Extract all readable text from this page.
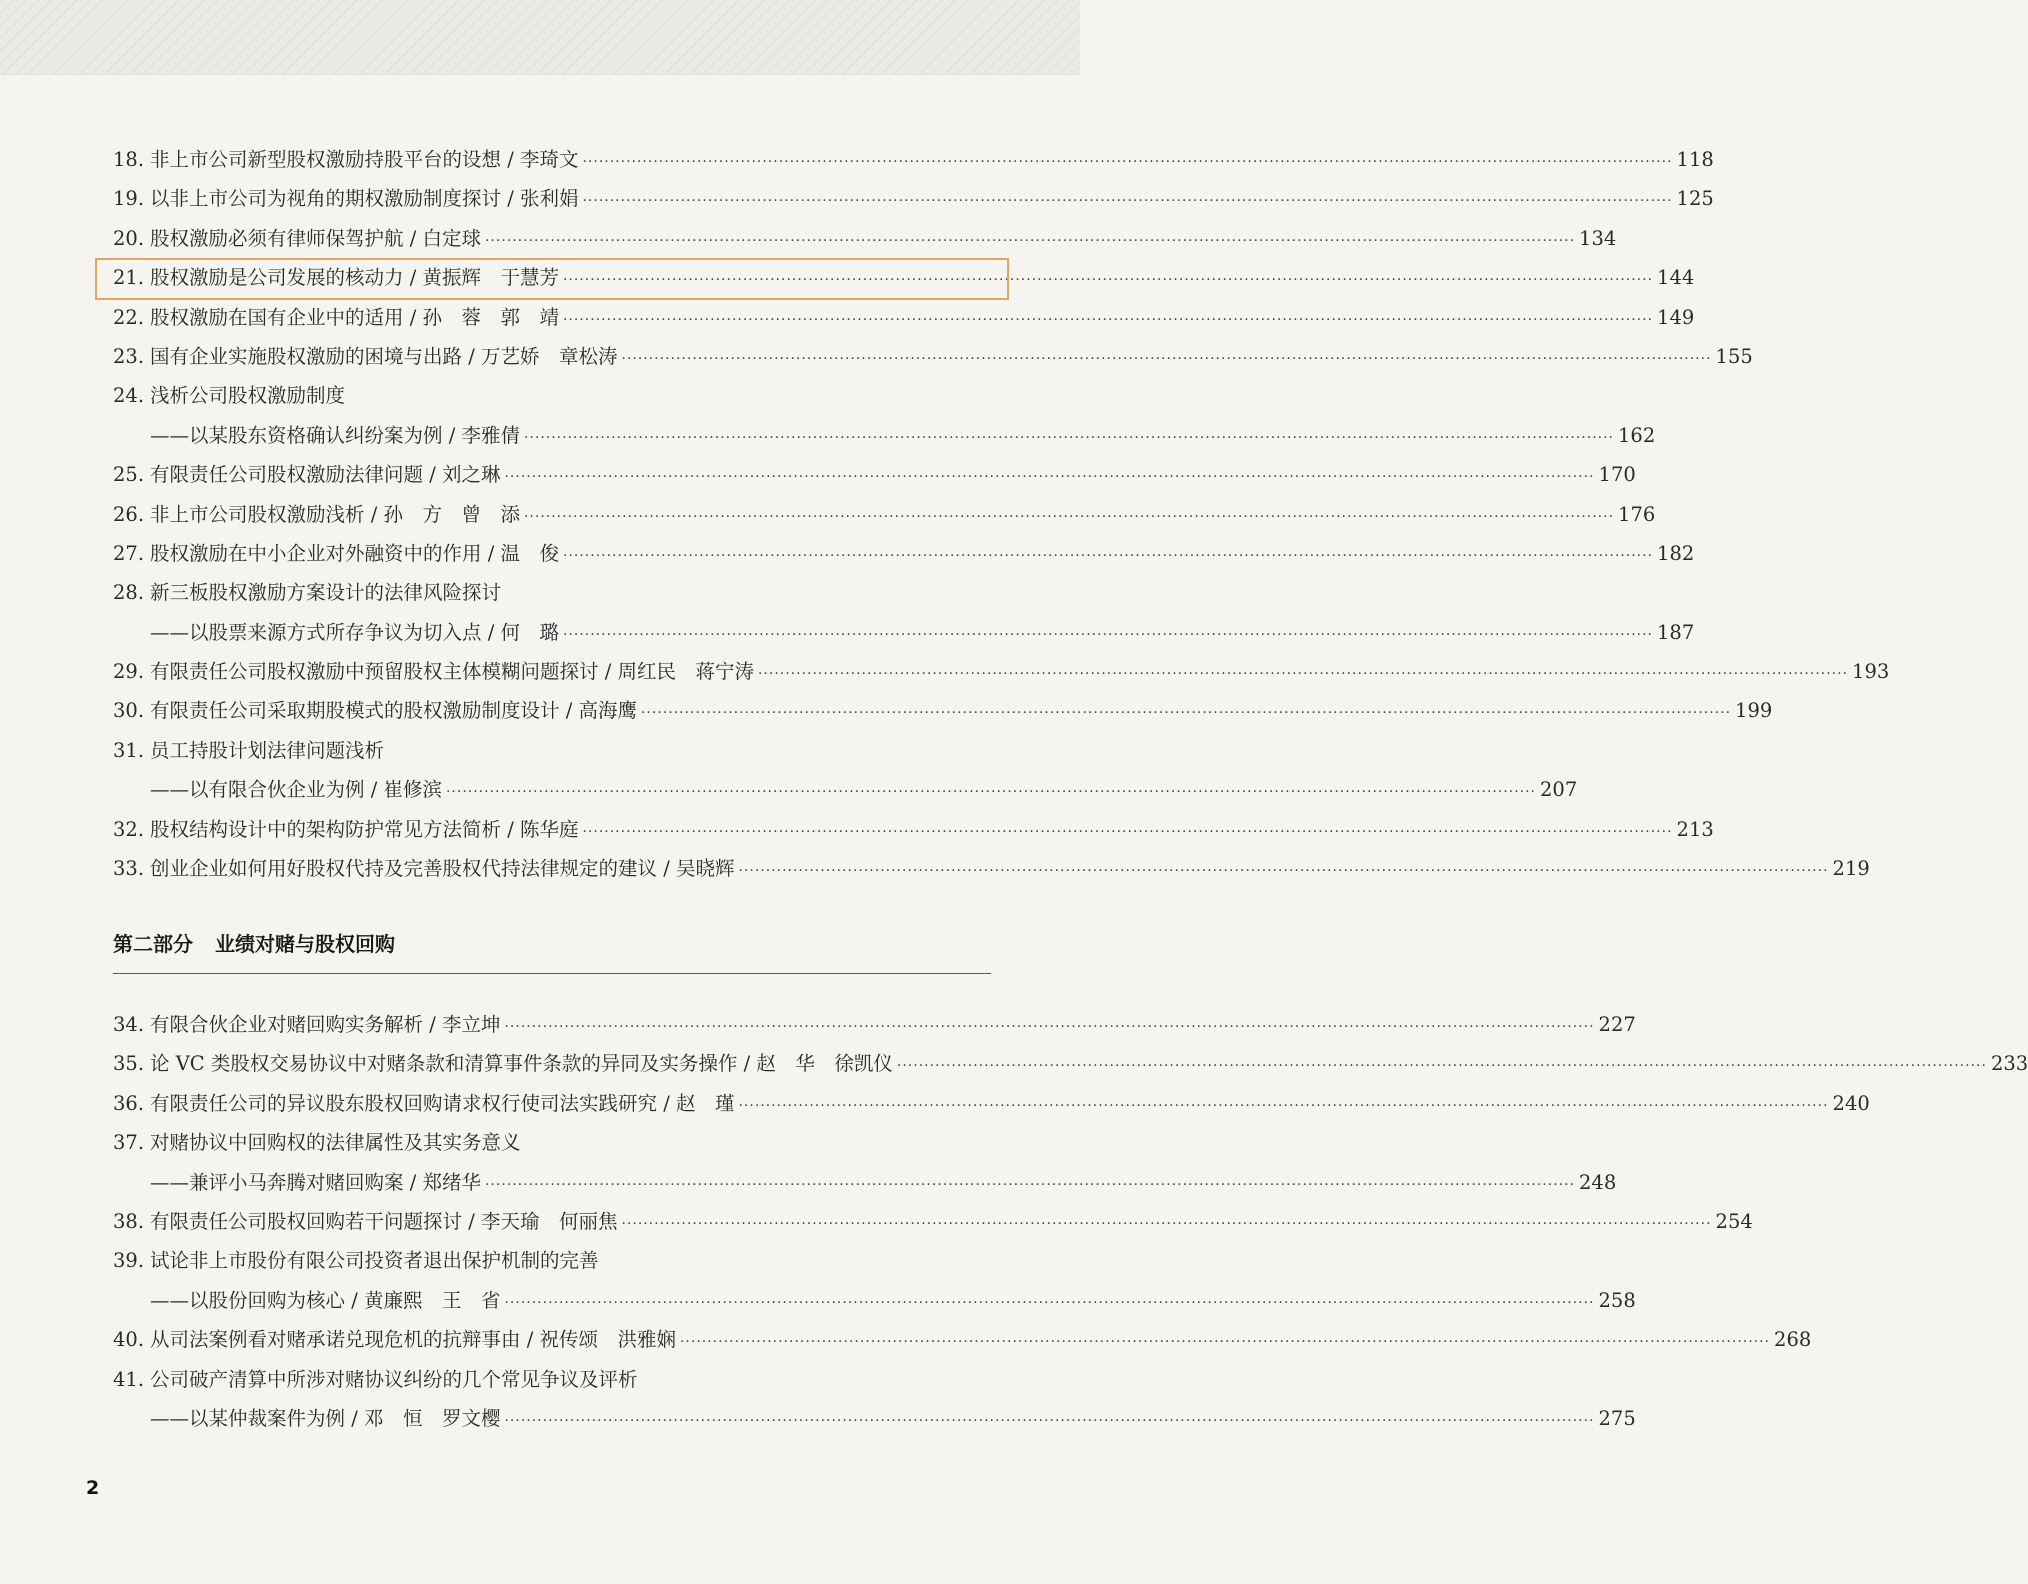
18. 非上市公司新型股权激励持股平台的设想 / 李琦文 ········································································································································································································ 118
19. 以非上市公司为视角的期权激励制度探讨 / 张利娟 ········································································································································································································ 125
20. 股权激励必须有律师保驾护航 / 白定球 ········································································································································································································ 134
21. 股权激励是公司发展的核动力 / 黄振辉　于慧芳 ········································································································································································································ 144
22. 股权激励在国有企业中的适用 / 孙　蓉　郭　靖 ········································································································································································································ 149
23. 国有企业实施股权激励的困境与出路 / 万艺娇　章松涛 ········································································································································································································ 155
24. 浅析公司股权激励制度
——以某股东资格确认纠纷案为例 / 李雅倩 ········································································································································································································ 162
25. 有限责任公司股权激励法律问题 / 刘之琳 ········································································································································································································ 170
26. 非上市公司股权激励浅析 / 孙　方　曾　添 ········································································································································································································ 176
27. 股权激励在中小企业对外融资中的作用 / 温　俊 ········································································································································································································ 182
28. 新三板股权激励方案设计的法律风险探讨
——以股票来源方式所存争议为切入点 / 何　璐 ········································································································································································································ 187
29. 有限责任公司股权激励中预留股权主体模糊问题探讨 / 周红民　蒋宁涛 ········································································································································································································ 193
30. 有限责任公司采取期股模式的股权激励制度设计 / 高海鹰 ········································································································································································································ 199
31. 员工持股计划法律问题浅析
——以有限合伙企业为例 / 崔修滨 ········································································································································································································ 207
32. 股权结构设计中的架构防护常见方法简析 / 陈华庭 ········································································································································································································ 213
33. 创业企业如何用好股权代持及完善股权代持法律规定的建议 / 吴晓辉 ········································································································································································································ 219
第二部分 业绩对赌与股权回购
34. 有限合伙企业对赌回购实务解析 / 李立坤 ········································································································································································································ 227
35. 论 VC 类股权交易协议中对赌条款和清算事件条款的异同及实务操作 / 赵　华　徐凯仪 ········································································································································································································ 233
36. 有限责任公司的异议股东股权回购请求权行使司法实践研究 / 赵　瑾 ········································································································································································································ 240
37. 对赌协议中回购权的法律属性及其实务意义
——兼评小马奔腾对赌回购案 / 郑绪华 ········································································································································································································ 248
38. 有限责任公司股权回购若干问题探讨 / 李天瑜　何丽焦 ········································································································································································································ 254
39. 试论非上市股份有限公司投资者退出保护机制的完善
——以股份回购为核心 / 黄廉熙　王　省 ········································································································································································································ 258
40. 从司法案例看对赌承诺兑现危机的抗辩事由 / 祝传颂　洪雅娴 ········································································································································································································ 268
41. 公司破产清算中所涉对赌协议纠纷的几个常见争议及评析
——以某仲裁案件为例 / 邓　恒　罗文樱 ········································································································································································································ 275
2
